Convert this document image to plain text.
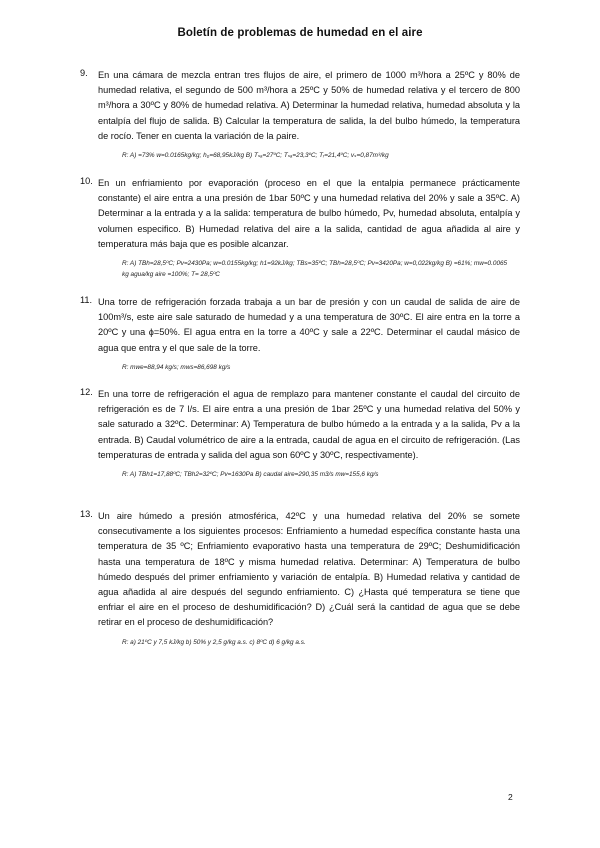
Boletín de problemas de humedad en el aire
9.	En una cámara de mezcla entran tres flujos de aire, el primero de 1000 m³/hora a 25ºC y 80% de humedad relativa, el segundo de 500 m³/hora a 25ºC y 50% de humedad relativa y el tercero de 800 m³/hora a 30ºC y 80% de humedad relativa. A) Determinar la humedad relativa, humedad absoluta y la entalpía del flujo de salida. B) Calcular la temperatura de salida, la del bulbo húmedo, la temperatura de rocío. Tener en cuenta la variación de la ρaire.
R: A) =73% w=0.0165kg/kg; h₀=68,95kJ/kg B) Tₛₐ=27ºC; Tₛₐ=23,3ºC; Tᵣ=21,4ºC; vₛ=0,87m³/kg
10. En un enfriamiento por evaporación (proceso en el que la entalpia permanece prácticamente constante) el aire entra a una presión de 1bar 50ºC y una humedad relativa del 20% y sale a 35ºC. A) Determinar a la entrada y a la salida: temperatura de bulbo húmedo, Pv, humedad absoluta, entalpía y volumen especifico. B) Humedad relativa del aire a la salida, cantidad de agua añadida al aire y temperatura más baja que es posible alcanzar.
R: A) TBh=28,5ºC; Pv=2430Pa; w=0.0155kg/kg; h1=92kJ/kg; TBs=35ºC; TBh=28,5ºC; Pv=3420Pa; w=0,022kg/kg B) =61%; mw=0.0065 kg agua/kg aire =100%; T= 28,5ºC
11. Una torre de refrigeración forzada trabaja a un bar de presión y con un caudal de salida de aire de 100m³/s, este aire sale saturado de humedad y a una temperatura de 30ºC. El aire entra en la torre a 20ºC y una ɸ=50%. El agua entra en la torre a 40ºC y sale a 22ºC. Determinar el caudal másico de agua que entra y el que sale de la torre.
R: mwe=88,94 kg/s; mws=86,698 kg/s
12. En una torre de refrigeración el agua de remplazo para mantener constante el caudal del circuito de refrigeración es de 7 l/s. El aire entra a una presión de 1bar 25ºC y una humedad relativa del 50% y sale saturado a 32ºC. Determinar: A) Temperatura de bulbo húmedo a la entrada y a la salida, Pv a la entrada. B) Caudal volumétrico de aire a la entrada, caudal de agua en el circuito de refrigeración. (Las temperaturas de entrada y salida del agua son 60ºC y 30ºC, respectivamente).
R: A) TBh1=17,88ºC; TBh2=32ºC; Pv=1630Pa B) caudal aire=290,35 m3/s mw=155,6 kg/s
13. Un aire húmedo a presión atmosférica, 42ºC y una humedad relativa del 20% se somete consecutivamente a los siguientes procesos: Enfriamiento a humedad específica constante hasta una temperatura de 35 ºC; Enfriamiento evaporativo hasta una temperatura de 29ºC; Deshumidificación hasta una temperatura de 18ºC y misma humedad relativa. Determinar: A) Temperatura de bulbo húmedo después del primer enfriamiento y variación de entalpía. B) Humedad relativa y cantidad de agua añadida al aire después del segundo enfriamiento. C) ¿Hasta qué temperatura se tiene que enfriar el aire en el proceso de deshumidificación? D) ¿Cuál será la cantidad de agua que se debe retirar en el proceso de deshumidificación?
R: a) 21ºC y 7,5 kJ/kg b) 50% y 2,5 g/kg a.s. c) 8ºC d) 6 g/kg a.s.
2
